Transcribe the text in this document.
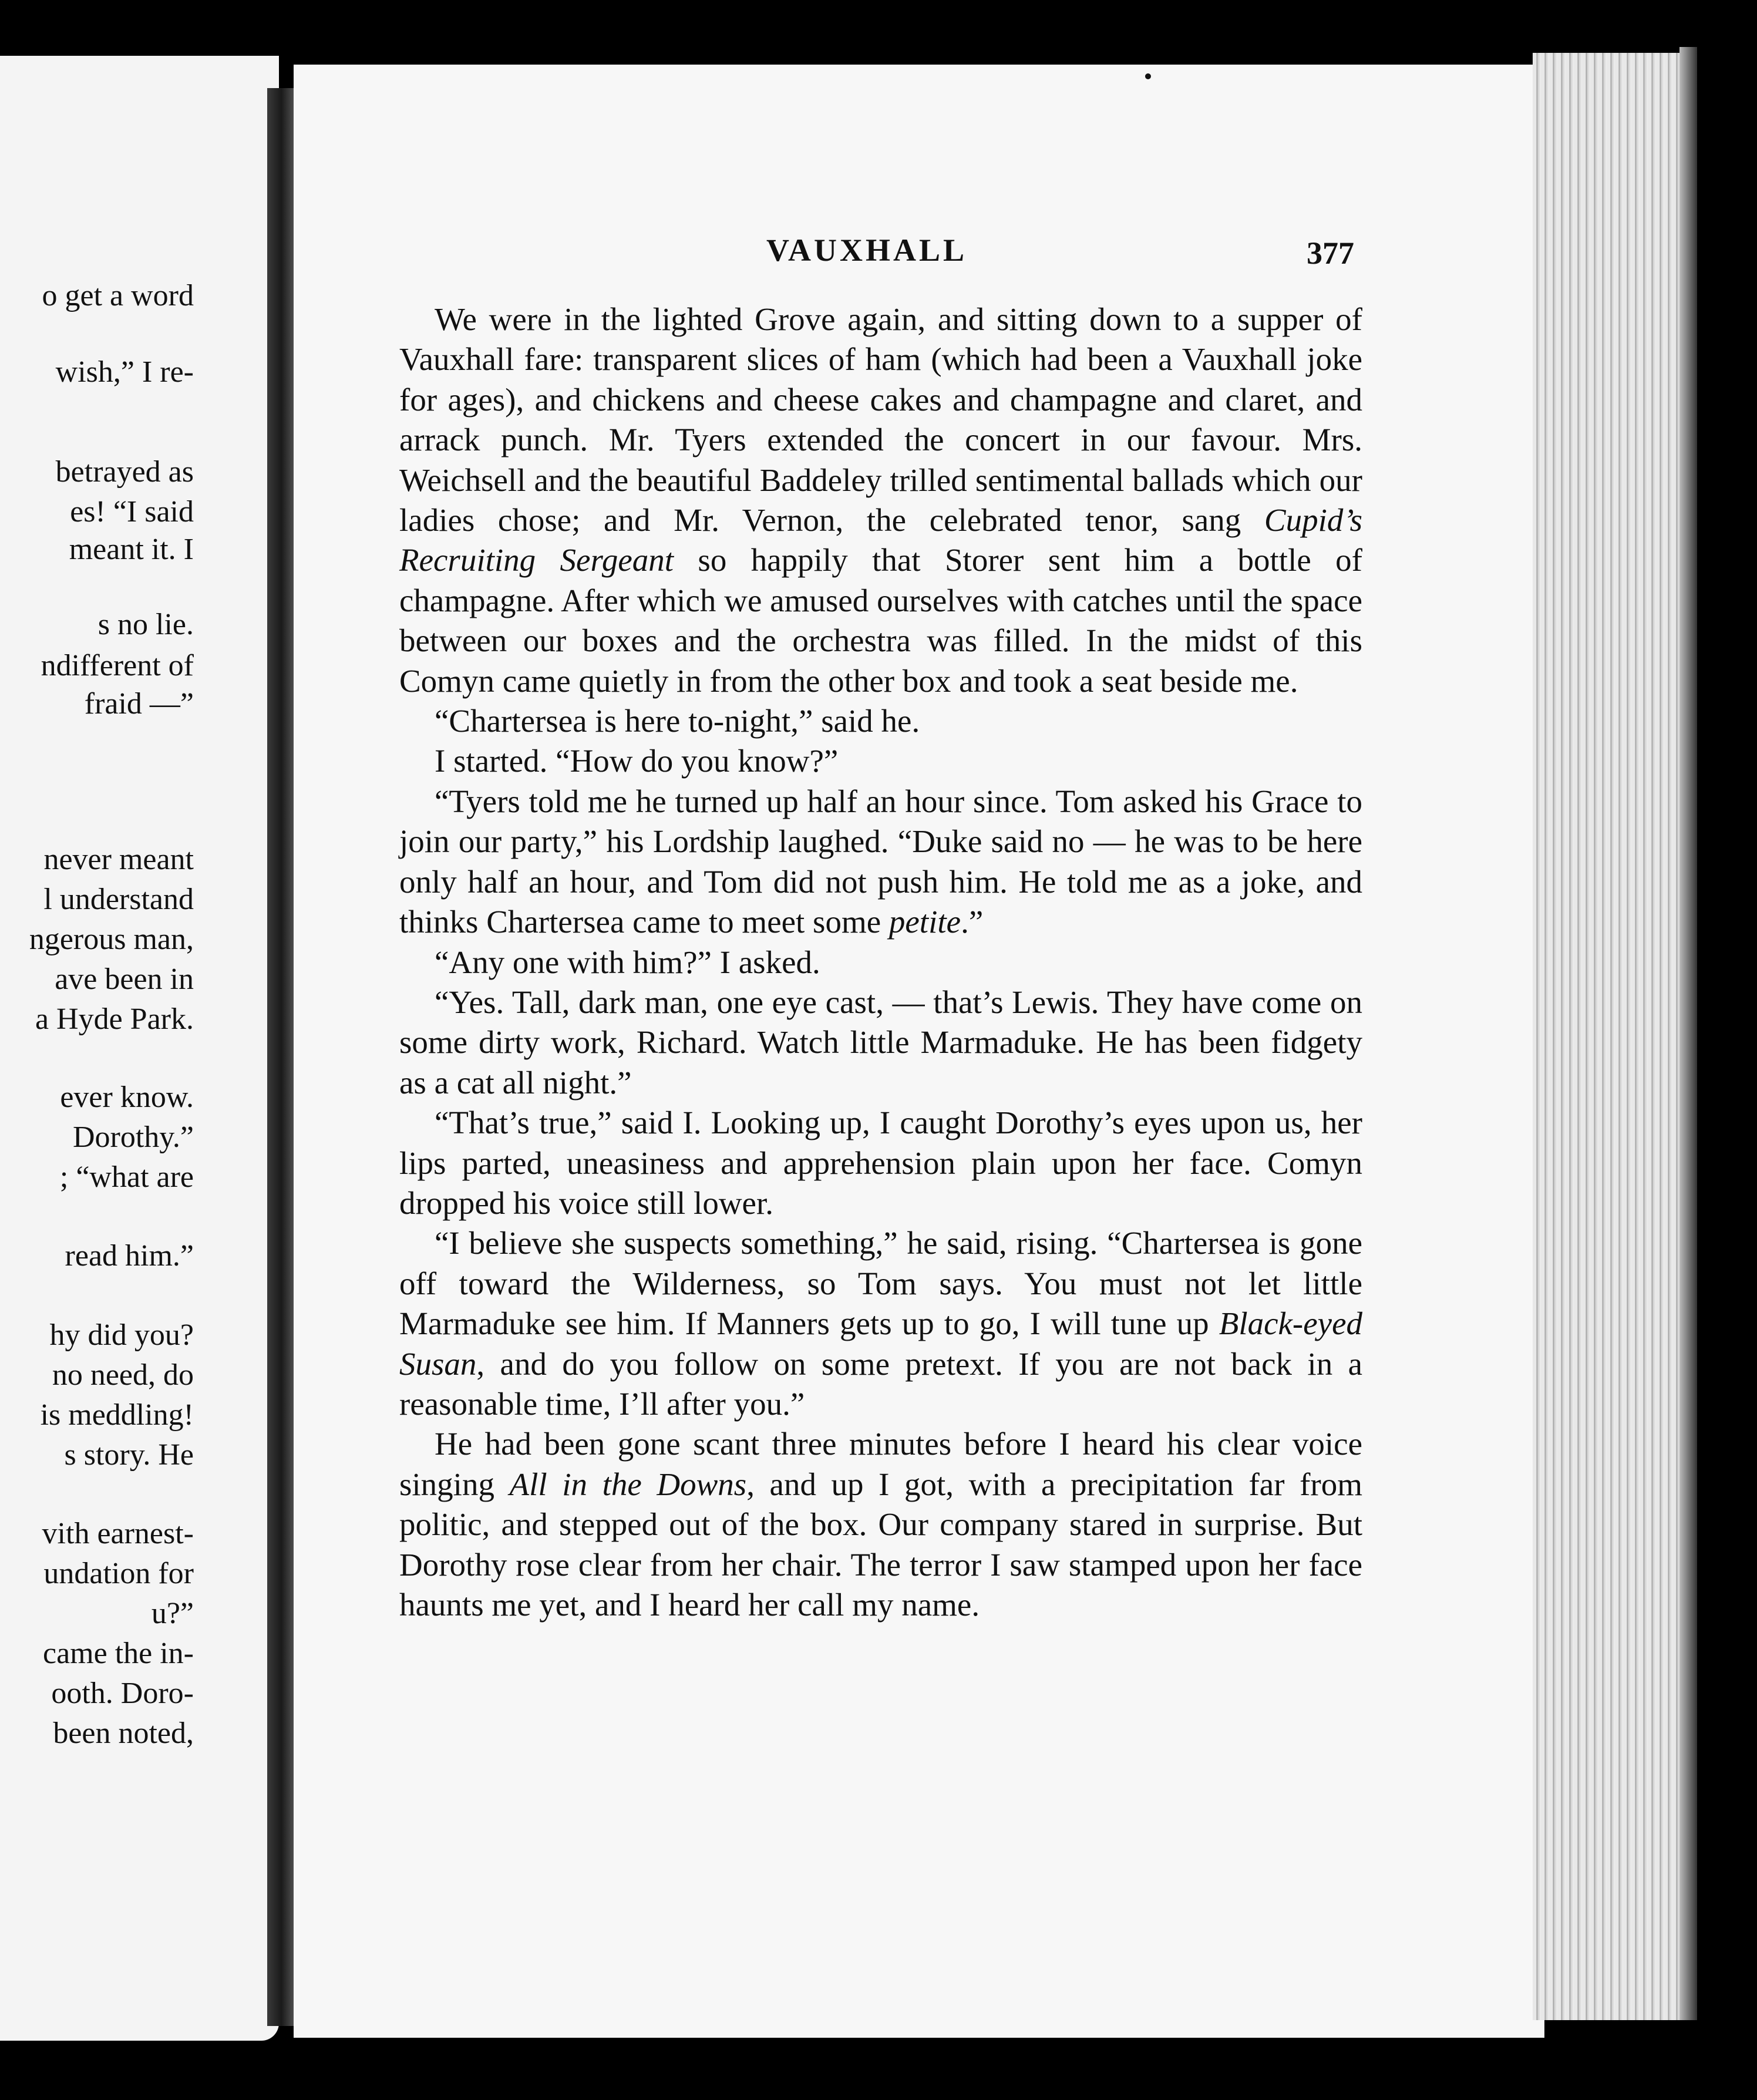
o get a word
wish,” I re-
betrayed as
es! “I said
meant it. I
s no lie.
ndifferent of
fraid —”
never meant
l understand
ngerous man,
ave been in
a Hyde Park.
ever know.
Dorothy.”
; “what are
read him.”
hy did you?
no need, do
is meddling!
s story. He
vith earnest-
undation for
u?”
came the in-
ooth. Doro-
been noted,
VAUXHALL	377

We were in the lighted Grove again, and sitting down to a supper of Vauxhall fare: transparent slices of ham (which had been a Vauxhall joke for ages), and chickens and cheese cakes and champagne and claret, and arrack punch. Mr. Tyers extended the concert in our favour. Mrs. Weichsell and the beautiful Baddeley trilled sentimental ballads which our ladies chose; and Mr. Vernon, the celebrated tenor, sang Cupid’s Recruiting Sergeant so happily that Storer sent him a bottle of champagne. After which we amused ourselves with catches until the space between our boxes and the orchestra was filled. In the midst of this Comyn came quietly in from the other box and took a seat beside me.

“Chartersea is here to-night,” said he.

I started. “How do you know?”

“Tyers told me he turned up half an hour since. Tom asked his Grace to join our party,” his Lordship laughed. “Duke said no — he was to be here only half an hour, and Tom did not push him. He told me as a joke, and thinks Chartersea came to meet some petite.”

“Any one with him?” I asked.

“Yes. Tall, dark man, one eye cast, — that’s Lewis. They have come on some dirty work, Richard. Watch little Marmaduke. He has been fidgety as a cat all night.”

“That’s true,” said I. Looking up, I caught Dorothy’s eyes upon us, her lips parted, uneasiness and apprehension plain upon her face. Comyn dropped his voice still lower.

“I believe she suspects something,” he said, rising. “Chartersea is gone off toward the Wilderness, so Tom says. You must not let little Marmaduke see him. If Manners gets up to go, I will tune up Black-eyed Susan, and do you follow on some pretext. If you are not back in a reasonable time, I’ll after you.”

He had been gone scant three minutes before I heard his clear voice singing All in the Downs, and up I got, with a precipitation far from politic, and stepped out of the box. Our company stared in surprise. But Dorothy rose clear from her chair. The terror I saw stamped upon her face haunts me yet, and I heard her call my name.
